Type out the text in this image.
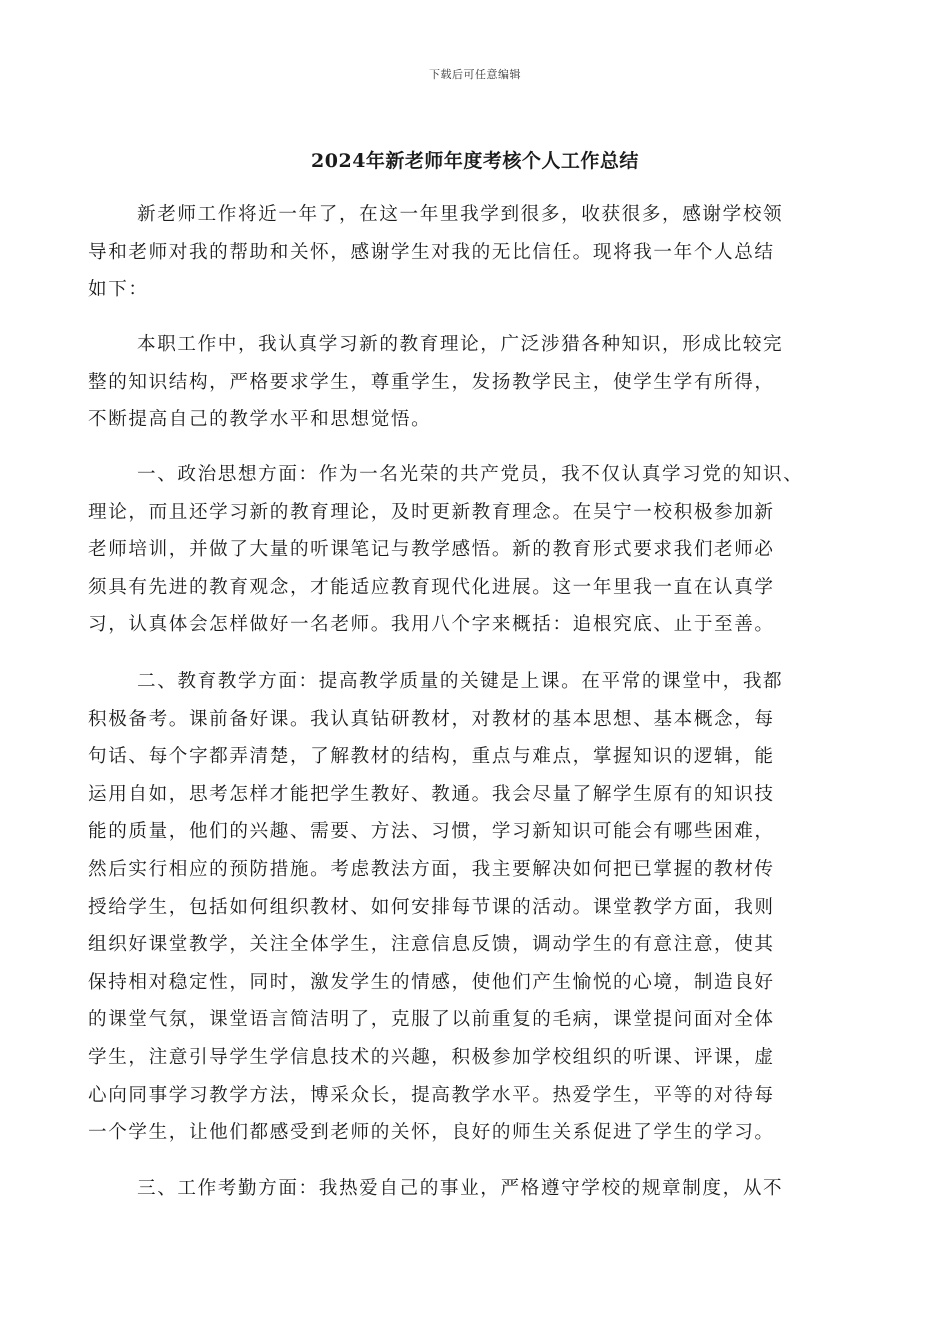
下载后可任意编辑
2024年新老师年度考核个人工作总结
新老师工作将近一年了，在这一年里我学到很多，收获很多，感谢学校领
导和老师对我的帮助和关怀，感谢学生对我的无比信任。现将我一年个人总结
如下：
本职工作中，我认真学习新的教育理论，广泛涉猎各种知识，形成比较完
整的知识结构，严格要求学生，尊重学生，发扬教学民主，使学生学有所得，
不断提高自己的教学水平和思想觉悟。
一、政治思想方面：作为一名光荣的共产党员，我不仅认真学习党的知识、
理论，而且还学习新的教育理论，及时更新教育理念。在吴宁一校积极参加新
老师培训，并做了大量的听课笔记与教学感悟。新的教育形式要求我们老师必
须具有先进的教育观念，才能适应教育现代化进展。这一年里我一直在认真学
习，认真体会怎样做好一名老师。我用八个字来概括：追根究底、止于至善。
二、教育教学方面：提高教学质量的关键是上课。在平常的课堂中，我都
积极备考。课前备好课。我认真钻研教材，对教材的基本思想、基本概念，每
句话、每个字都弄清楚，了解教材的结构，重点与难点，掌握知识的逻辑，能
运用自如，思考怎样才能把学生教好、教通。我会尽量了解学生原有的知识技
能的质量，他们的兴趣、需要、方法、习惯，学习新知识可能会有哪些困难，
然后实行相应的预防措施。考虑教法方面，我主要解决如何把已掌握的教材传
授给学生，包括如何组织教材、如何安排每节课的活动。课堂教学方面，我则
组织好课堂教学，关注全体学生，注意信息反馈，调动学生的有意注意，使其
保持相对稳定性，同时，激发学生的情感，使他们产生愉悦的心境，制造良好
的课堂气氛，课堂语言简洁明了，克服了以前重复的毛病，课堂提问面对全体
学生，注意引导学生学信息技术的兴趣，积极参加学校组织的听课、评课，虚
心向同事学习教学方法，博采众长，提高教学水平。热爱学生，平等的对待每
一个学生，让他们都感受到老师的关怀，良好的师生关系促进了学生的学习。
三、工作考勤方面：我热爱自己的事业，严格遵守学校的规章制度，从不
